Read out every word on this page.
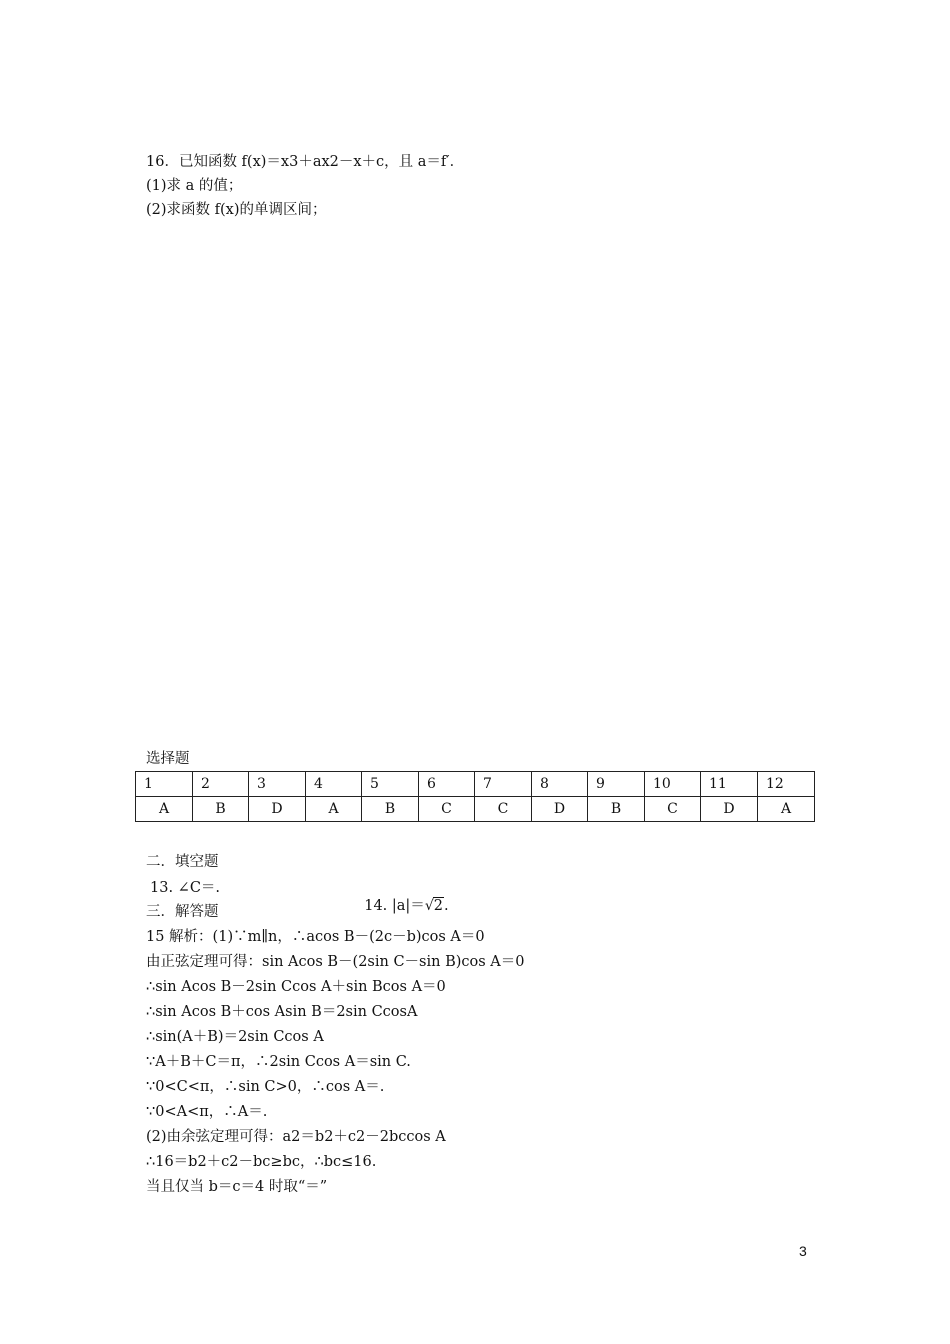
16．已知函数 f(x)＝x3＋ax2－x＋c，且 a＝f′．
(1)求 a 的值；
(2)求函数 f(x)的单调区间；
选择题
1	2	3	4	5	6	7	8	9	10	11	12
A	B	D	A	B	C	C	D	B	C	D	A
二．填空题
13. ∠C＝.

14. |a|＝√2.

三．解答题
15 解析：(1)∵m∥n，∴acos B－(2c－b)cos A＝0
由正弦定理可得：sin Acos B－(2sin C－sin B)cos A＝0
∴sin Acos B－2sin Ccos A＋sin Bcos A＝0
∴sin Acos B＋cos Asin B＝2sin CcosA
∴sin(A＋B)＝2sin Ccos A
∵A＋B＋C＝π，∴2sin Ccos A＝sin C.
∵0<C<π，∴sin C>0，∴cos A＝.
∵0<A<π，∴A＝.
(2)由余弦定理可得：a2＝b2＋c2－2bccos A
∴16＝b2＋c2－bc≥bc，∴bc≤16.
当且仅当 b＝c＝4 时取“＝”
3
